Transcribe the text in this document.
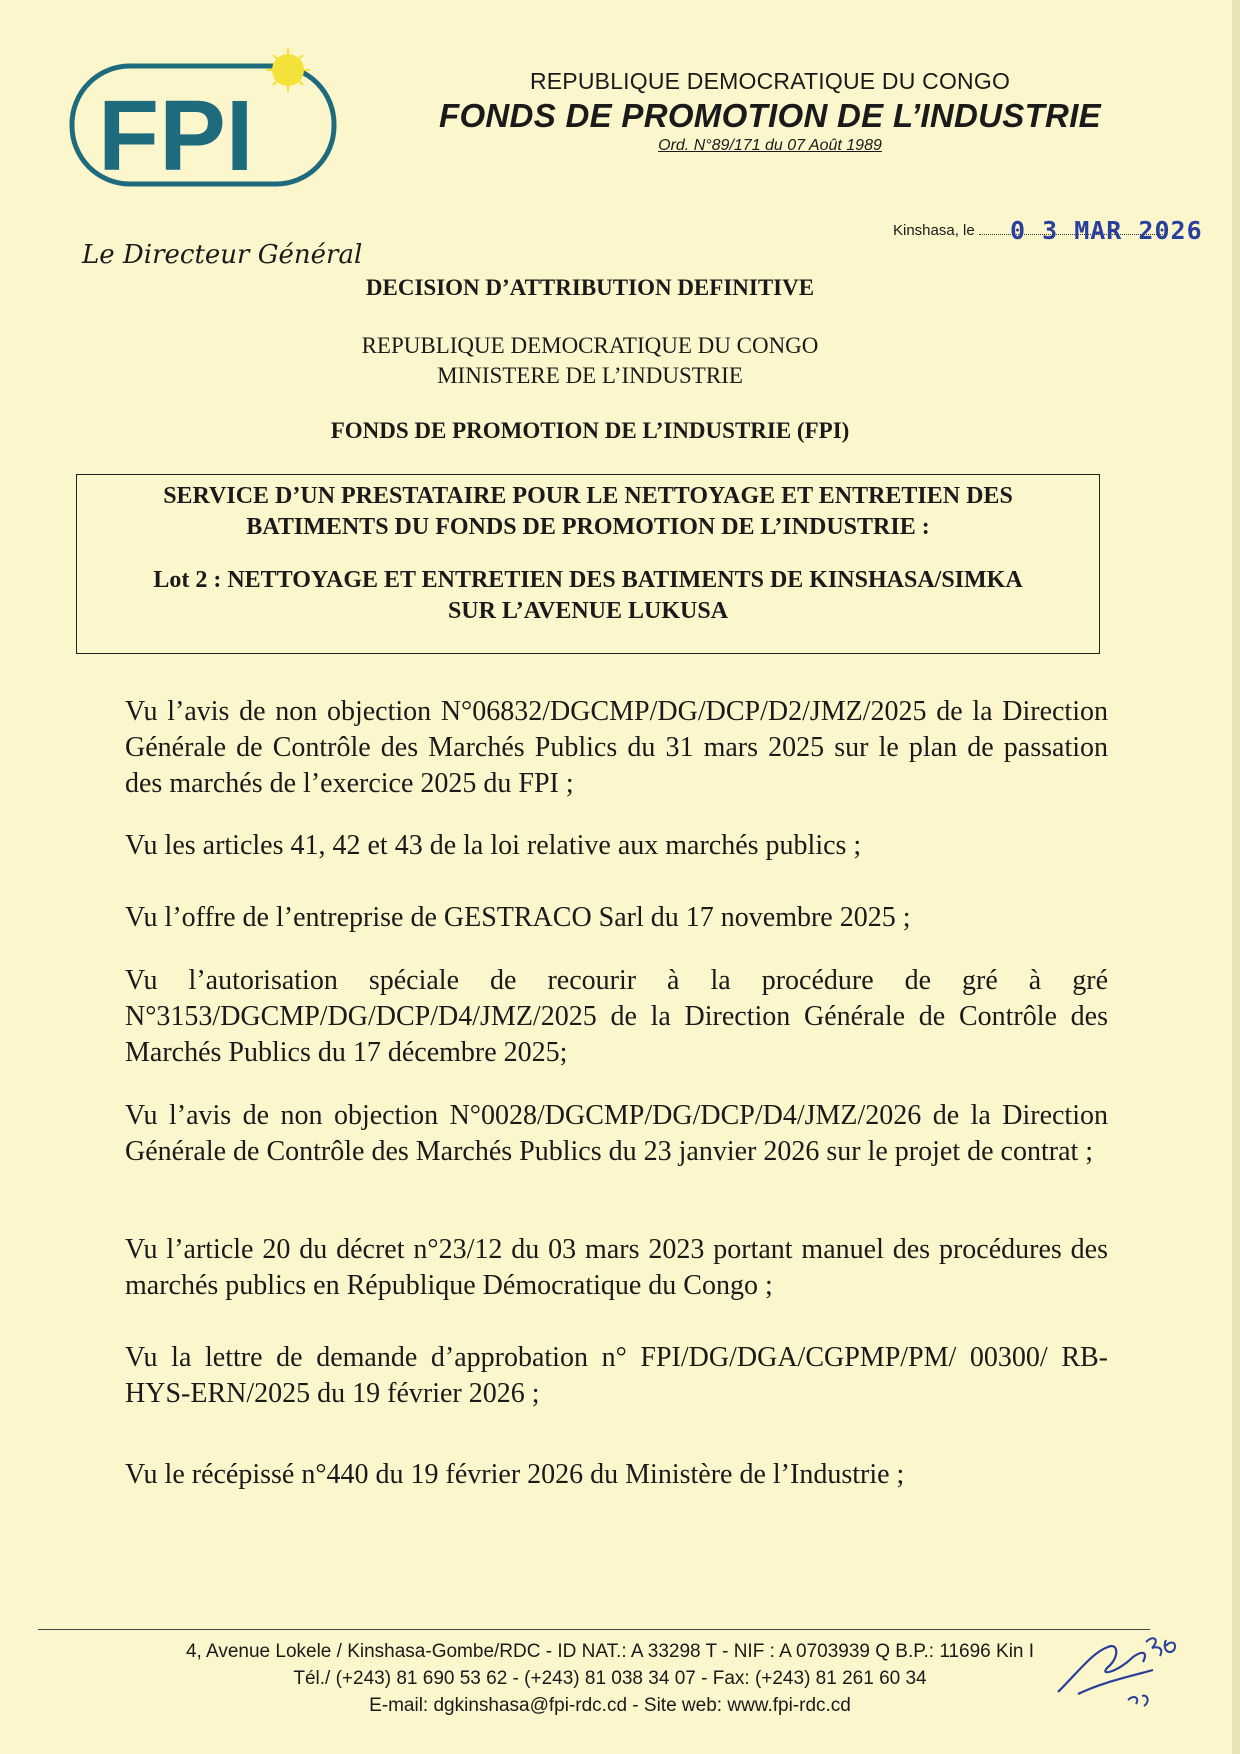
FPI	REPUBLIQUE DEMOCRATIQUE DU CONGO
FONDS DE PROMOTION DE L’INDUSTRIE
Ord. N°89/171 du 07 Août 1989
Le Directeur Général
Kinshasa, le	0 3 MAR 2026
DECISION D’ATTRIBUTION DEFINITIVE
REPUBLIQUE DEMOCRATIQUE DU CONGO
MINISTERE DE L’INDUSTRIE
FONDS DE PROMOTION DE L’INDUSTRIE (FPI)
SERVICE D’UN PRESTATAIRE POUR LE NETTOYAGE ET ENTRETIEN DES
BATIMENTS DU FONDS DE PROMOTION DE L’INDUSTRIE :
Lot 2 : NETTOYAGE ET ENTRETIEN DES BATIMENTS DE KINSHASA/SIMKA
SUR L’AVENUE LUKUSA

Vu l’avis de non objection N°06832/DGCMP/DG/DCP/D2/JMZ/2025 de la Direction Générale de Contrôle des Marchés Publics du 31 mars 2025 sur le plan de passation des marchés de l’exercice 2025 du FPI ;

Vu les articles 41, 42 et 43 de la loi relative aux marchés publics ;

Vu l’offre de l’entreprise de GESTRACO Sarl du 17 novembre 2025 ;

Vu l’autorisation spéciale de recourir à la procédure de gré à gré N°3153/DGCMP/DG/DCP/D4/JMZ/2025 de la Direction Générale de Contrôle des Marchés Publics du 17 décembre 2025;

Vu l’avis de non objection N°0028/DGCMP/DG/DCP/D4/JMZ/2026 de la Direction Générale de Contrôle des Marchés Publics du 23 janvier 2026 sur le projet de contrat ;

Vu l’article 20 du décret n°23/12 du 03 mars 2023 portant manuel des procédures des marchés publics en République Démocratique du Congo ;

Vu la lettre de demande d’approbation n° FPI/DG/DGA/CGPMP/PM/ 00300/ RB-HYS-ERN/2025 du 19 février 2026 ;

Vu le récépissé n°440 du 19 février 2026 du Ministère de l’Industrie ;

4, Avenue Lokele / Kinshasa-Gombe/RDC - ID NAT.: A 33298 T - NIF : A 0703939 Q B.P.: 11696 Kin I
Tél./ (+243) 81 690 53 62 - (+243) 81 038 34 07 - Fax: (+243) 81 261 60 34
E-mail: dgkinshasa@fpi-rdc.cd - Site web: www.fpi-rdc.cd
